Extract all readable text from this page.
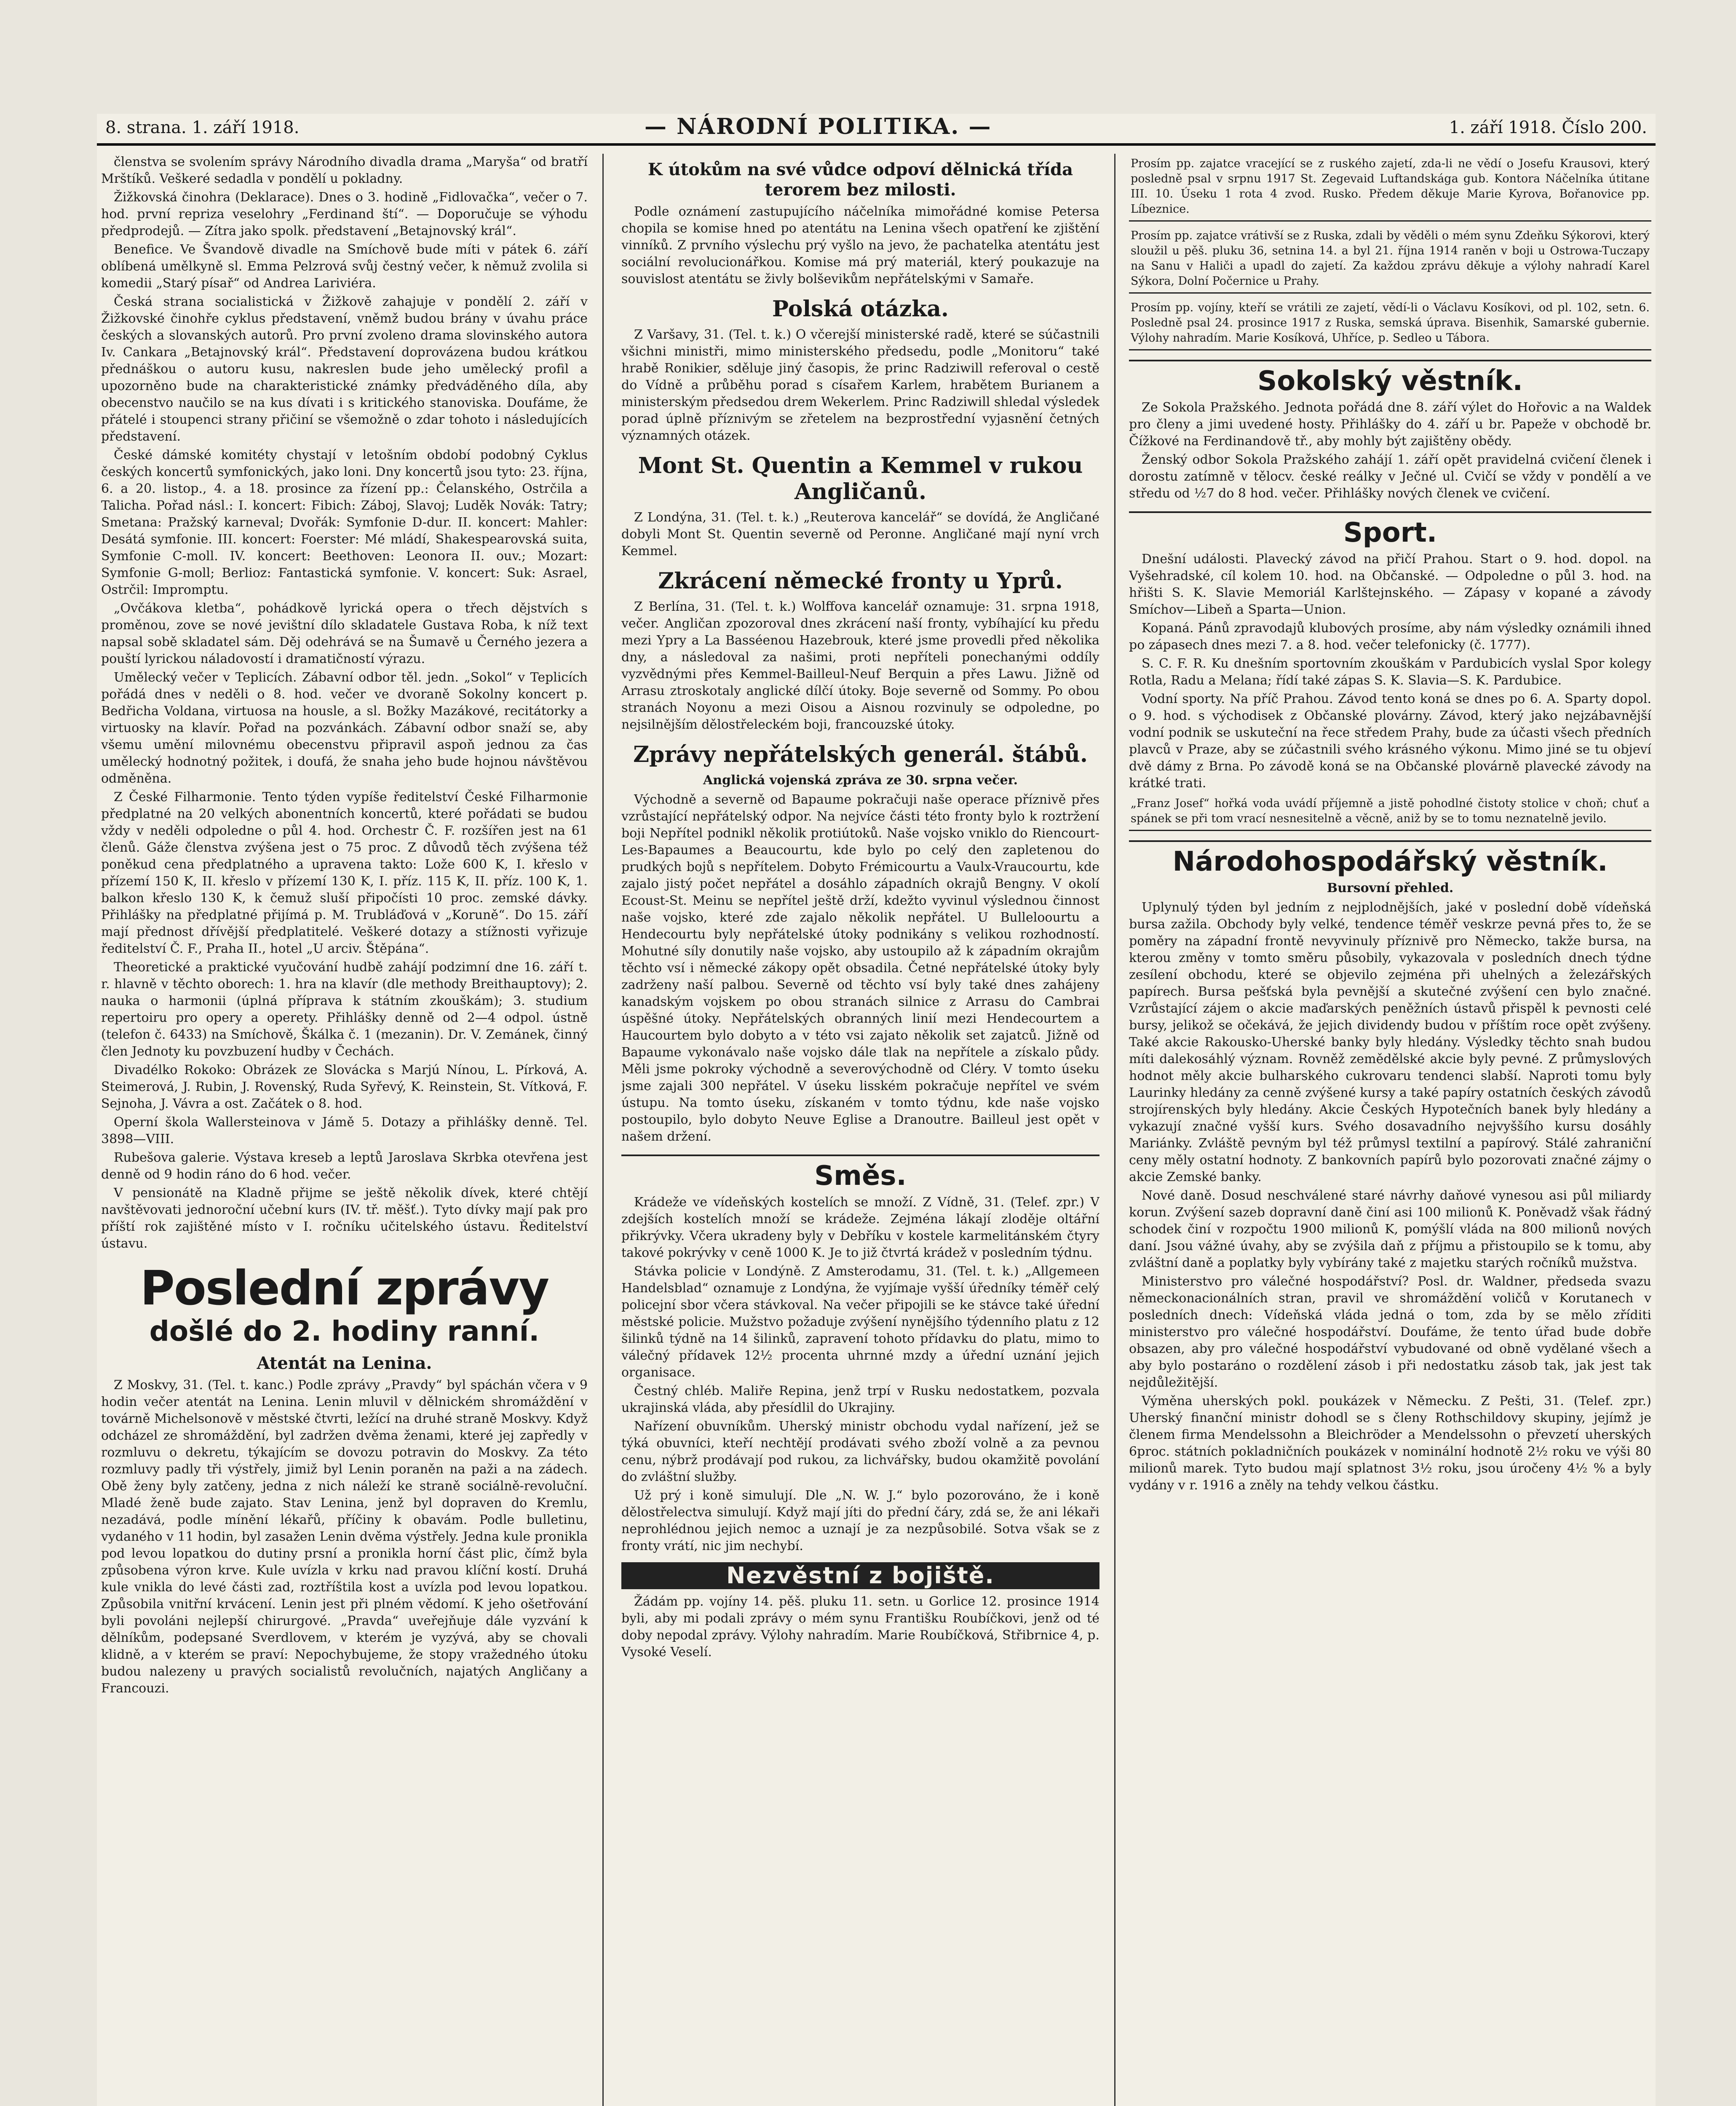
8. strana. 1. září 1918.	— NÁRODNÍ POLITIKA. —	1. září 1918. Číslo 200.

členstva se svolením správy Národního divadla drama „Maryša“ od bratří Mrštíků. Veškeré sedadla v pondělí u pokladny.

Žižkovská činohra (Deklarace). Dnes o 3. hodině „Fidlovačka“, večer o 7. hod. první repriza veselohry „Ferdinand ští“. — Doporučuje se výhodu předprodejů. — Zítra jako spolk. představení „Betajnovský král“.

Benefice. Ve Švandově divadle na Smíchově bude míti v pátek 6. září oblíbená umělkyně sl. Emma Pelzrová svůj čestný večer, k němuž zvolila si komedii „Starý písař“ od Andrea Lariviéra.

Česká strana socialistická v Žižkově zahajuje v pondělí 2. září v Žižkovské činohře cyklus představení, vněmž budou brány v úvahu práce českých a slovanských autorů. Pro první zvoleno drama slovinského autora Iv. Cankara „Betajnovský král“. Představení doprovázena budou krátkou přednáškou o autoru kusu, nakreslen bude jeho umělecký profil a upozorněno bude na charakteristické známky předváděného díla, aby obecenstvo naučilo se na kus dívati i s kritického stanoviska. Doufáme, že přátelé i stoupenci strany přičiní se všemožně o zdar tohoto i následujících představení.

České dámské komitéty chystají v letošním období podobný Cyklus českých koncertů symfonických, jako loni. Dny koncertů jsou tyto: 23. října, 6. a 20. listop., 4. a 18. prosince za řízení pp.: Čelanského, Ostrčila a Talicha. Pořad násl.: I. koncert: Fibich: Záboj, Slavoj; Luděk Novák: Tatry; Smetana: Pražský karneval; Dvořák: Symfonie D-dur. II. koncert: Mahler: Desátá symfonie. III. koncert: Foerster: Mé mládí, Shakespearovská suita, Symfonie C-moll. IV. koncert: Beethoven: Leonora II. ouv.; Mozart: Symfonie G-moll; Berlioz: Fantastická symfonie. V. koncert: Suk: Asrael, Ostrčil: Impromptu.

„Ovčákova kletba“, pohádkově lyrická opera o třech dějstvích s proměnou, zove se nové jevištní dílo skladatele Gustava Roba, k níž text napsal sobě skladatel sám. Děj odehrává se na Šumavě u Černého jezera a pouští lyrickou náladovostí i dramatičností výrazu.

Umělecký večer v Teplicích. Zábavní odbor těl. jedn. „Sokol“ v Teplicích pořádá dnes v neděli o 8. hod. večer ve dvoraně Sokolny koncert p. Bedřicha Voldana, virtuosa na housle, a sl. Božky Mazákové, recitátorky a virtuosky na klavír. Pořad na pozvánkách. Zábavní odbor snaží se, aby všemu umění milovnému obecenstvu připravil aspoň jednou za čas umělecký hodnotný požitek, i doufá, že snaha jeho bude hojnou návštěvou odměněna.

Z České Filharmonie. Tento týden vypíše ředitelství České Filharmonie předplatné na 20 velkých abonentních koncertů, které pořádati se budou vždy v neděli odpoledne o půl 4. hod. Orchestr Č. F. rozšířen jest na 61 členů. Gáže členstva zvýšena jest o 75 proc. Z důvodů těch zvýšena též poněkud cena předplatného a upravena takto: Lože 600 K, I. křeslo v přízemí 150 K, II. křeslo v přízemí 130 K, I. příz. 115 K, II. příz. 100 K, 1. balkon křeslo 130 K, k čemuž sluší připočísti 10 proc. zemské dávky. Přihlášky na předplatné přijímá p. M. Trubláďová v „Koruně“. Do 15. září mají přednost dřívější předplatitelé. Veškeré dotazy a stížnosti vyřizuje ředitelství Č. F., Praha II., hotel „U arciv. Štěpána“.

Theoretické a praktické vyučování hudbě zahájí podzimní dne 16. září t. r. hlavně v těchto oborech: 1. hra na klavír (dle methody Breithauptovy); 2. nauka o harmonii (úplná příprava k státním zkouškám); 3. studium repertoiru pro opery a operety. Přihlášky denně od 2—4 odpol. ústně (telefon č. 6433) na Smíchově, Škálka č. 1 (mezanin). Dr. V. Zemánek, činný člen Jednoty ku povzbuzení hudby v Čechách.

Divadélko Rokoko: Obrázek ze Slovácka s Marjú Nínou, L. Pírková, A. Steimerová, J. Rubin, J. Rovenský, Ruda Syřevý, K. Reinstein, St. Vítková, F. Sejnoha, J. Vávra a ost. Začátek o 8. hod.

Operní škola Wallersteinova v Jámě 5. Dotazy a přihlášky denně. Tel. 3898—VIII.

Rubešova galerie. Výstava kreseb a leptů Jaroslava Skrbka otevřena jest denně od 9 hodin ráno do 6 hod. večer.

V pensionátě na Kladně přijme se ještě několik dívek, které chtějí navštěvovati jednoroční učební kurs (IV. tř. měšť.). Tyto dívky mají pak pro příští rok zajištěné místo v I. ročníku učitelského ústavu. Ředitelství ústavu.

Poslední zprávy
došlé do 2. hodiny ranní.
Atentát na Lenina.

Z Moskvy, 31. (Tel. t. kanc.) Podle zprávy „Pravdy“ byl spáchán včera v 9 hodin večer atentát na Lenina. Lenin mluvil v dělnickém shromáždění v továrně Michelsonově v městské čtvrti, ležící na druhé straně Moskvy. Když odcházel ze shromáždění, byl zadržen dvěma ženami, které jej zapředly v rozmluvu o dekretu, týkajícím se dovozu potravin do Moskvy. Za této rozmluvy padly tři výstřely, jimiž byl Lenin poraněn na paži a na zádech. Obě ženy byly zatčeny, jedna z nich náleží ke straně sociálně-revoluční. Mladé ženě bude zajato. Stav Lenina, jenž byl dopraven do Kremlu, nezadává, podle mínění lékařů, příčiny k obavám. Podle bulletinu, vydaného v 11 hodin, byl zasažen Lenin dvěma výstřely. Jedna kule pronikla pod levou lopatkou do dutiny prsní a pronikla horní část plic, čímž byla způsobena výron krve. Kule uvízla v krku nad pravou klíční kostí. Druhá kule vnikla do levé části zad, roztříštila kost a uvízla pod levou lopatkou. Způsobila vnitřní krvácení. Lenin jest při plném vědomí. K jeho ošetřování byli povoláni nejlepší chirurgové. „Pravda“ uveřejňuje dále vyzvání k dělníkům, podepsané Sverdlovem, v kterém je vyzývá, aby se chovali klidně, a v kterém se praví: Nepochybujeme, že stopy vražedného útoku budou nalezeny u pravých socialistů revolučních, najatých Angličany a Francouzi.

K útokům na své vůdce odpoví dělnická třída terorem bez milosti.

Podle oznámení zastupujícího náčelníka mimořádné komise Petersa chopila se komise hned po atentátu na Lenina všech opatření ke zjištění vinníků. Z prvního výslechu prý vyšlo na jevo, že pachatelka atentátu jest sociální revolucionářkou. Komise má prý materiál, který poukazuje na souvislost atentátu se živly bolševikům nepřátelskými v Samaře.

Polská otázka.

Z Varšavy, 31. (Tel. t. k.) O včerejší ministerské radě, které se súčastnili všichni ministři, mimo ministerského předsedu, podle „Monitoru“ také hrabě Ronikier, sděluje jiný časopis, že princ Radziwill referoval o cestě do Vídně a průběhu porad s císařem Karlem, hrabětem Burianem a ministerským předsedou drem Wekerlem. Princ Radziwill shledal výsledek porad úplně příznivým se zřetelem na bezprostřední vyjasnění četných významných otázek.

Mont St. Quentin a Kemmel v rukou Angličanů.

Z Londýna, 31. (Tel. t. k.) „Reuterova kancelář“ se dovídá, že Angličané dobyli Mont St. Quentin severně od Peronne. Angličané mají nyní vrch Kemmel.

Zkrácení německé fronty u Yprů.

Z Berlína, 31. (Tel. t. k.) Wolffova kancelář oznamuje: 31. srpna 1918, večer. Angličan zpozoroval dnes zkrácení naší fronty, vybíhající ku předu mezi Ypry a La Basséenou Hazebrouk, které jsme provedli před několika dny, a následoval za našimi, proti nepříteli ponechanými oddíly vyzvědnými přes Kemmel-Bailleul-Neuf Berquin a přes Lawu. Jižně od Arrasu ztroskotaly anglické dílčí útoky. Boje severně od Sommy. Po obou stranách Noyonu a mezi Oisou a Aisnou rozvinuly se odpoledne, po nejsilnějším dělostřeleckém boji, francouzské útoky.

Zprávy nepřátelských generál. štábů.
Anglická vojenská zpráva ze 30. srpna večer.

Východně a severně od Bapaume pokračuji naše operace příznivě přes vzrůstající nepřátelský odpor. Na nejvíce části této fronty bylo k roztržení boji Nepřítel podnikl několik protiútoků. Naše vojsko vniklo do Riencourt-Les-Bapaumes a Beaucourtu, kde bylo po celý den zapletenou do prudkých bojů s nepřítelem. Dobyto Frémicourtu a Vaulx-Vraucourtu, kde zajalo jistý počet nepřátel a dosáhlo západních okrajů Bengny. V okolí Ecoust-St. Meinu se nepřítel ještě drží, kdežto vyvinul výslednou činnost naše vojsko, které zde zajalo několik nepřátel. U Bulleloourtu a Hendecourtu byly nepřátelské útoky podnikány s velikou rozhodností. Mohutné síly donutily naše vojsko, aby ustoupilo až k západním okrajům těchto vsí i německé zákopy opět obsadila. Četné nepřátelské útoky byly zadrženy naší palbou. Severně od těchto vsí byly také dnes zahájeny kanadským vojskem po obou stranách silnice z Arrasu do Cambrai úspěšné útoky. Nepřátelských obranných linií mezi Hendecourtem a Haucourtem bylo dobyto a v této vsi zajato několik set zajatců. Jižně od Bapaume vykonávalo naše vojsko dále tlak na nepřítele a získalo půdy. Měli jsme pokroky východně a severovýchodně od Cléry. V tomto úseku jsme zajali 300 nepřátel. V úseku lisském pokračuje nepřítel ve svém ústupu. Na tomto úseku, získaném v tomto týdnu, kde naše vojsko postoupilo, bylo dobyto Neuve Eglise a Dranoutre. Bailleul jest opět v našem držení.

Směs.

Krádeže ve vídeňských kostelích se množí. Z Vídně, 31. (Telef. zpr.) V zdejších kostelích množí se krádeže. Zejména lákají zloděje oltářní přikrývky. Včera ukradeny byly v Debříku v kostele karmelitánském čtyry takové pokrývky v ceně 1000 K. Je to již čtvrtá krádež v posledním týdnu.

Stávka policie v Londýně. Z Amsterodamu, 31. (Tel. t. k.) „Allgemeen Handelsblad“ oznamuje z Londýna, že vyjímaje vyšší úředníky téměř celý policejní sbor včera stávkoval. Na večer připojili se ke stávce také úřední městské policie. Mužstvo požaduje zvýšení nynějšího týdenního platu z 12 šilinků týdně na 14 šilinků, zapravení tohoto přídavku do platu, mimo to válečný přídavek 12½ procenta uhrnné mzdy a úřední uznání jejich organisace.

Čestný chléb. Maliře Repina, jenž trpí v Rusku nedostatkem, pozvala ukrajinská vláda, aby přesídlil do Ukrajiny.

Nařízení obuvníkům. Uherský ministr obchodu vydal nařízení, jež se týká obuvníci, kteří nechtějí prodávati svého zboží volně a za pevnou cenu, nýbrž prodávají pod rukou, za lichvářsky, budou okamžitě povolání do zvláštní služby.

Už prý i koně simulují. Dle „N. W. J.“ bylo pozorováno, že i koně dělostřelectva simulují. Když mají jíti do přední čáry, zdá se, že ani lékaři neprohlédnou jejich nemoc a uznají je za nezpůsobilé. Sotva však se z fronty vrátí, nic jim nechybí.

Nezvěstní z bojiště.

Žádám pp. vojíny 14. pěš. pluku 11. setn. u Gorlice 12. prosince 1914 byli, aby mi podali zprávy o mém synu Františku Roubíčkovi, jenž od té doby nepodal zprávy. Výlohy nahradím. Marie Roubíčková, Střibrnice 4, p. Vysoké Veselí.

Prosím pp. zajatce vracející se z ruského zajetí, zda-li ne vědí o Josefu Krausovi, který posledně psal v srpnu 1917 St. Zegevaid Luftandskága gub. Kontora Náčelníka útitane III. 10. Úseku 1 rota 4 zvod. Rusko. Předem děkuje Marie Kyrova, Bořanovice pp. Líbeznice.
Prosím pp. zajatce vrátivší se z Ruska, zdali by věděli o mém synu Zdeňku Sýkorovi, který sloužil u pěš. pluku 36, setnina 14. a byl 21. října 1914 raněn v boji u Ostrowa-Tuczapy na Sanu v Haliči a upadl do zajetí. Za každou zprávu děkuje a výlohy nahradí Karel Sýkora, Dolní Počernice u Prahy.
Prosím pp. vojíny, kteří se vrátili ze zajetí, vědí-li o Václavu Kosíkovi, od pl. 102, setn. 6. Posledně psal 24. prosince 1917 z Ruska, semská úprava. Bisenhik, Samarské gubernie. Výlohy nahradím. Marie Kosíková, Uhříce, p. Sedleo u Tábora.
Sokolský věstník.

Ze Sokola Pražského. Jednota pořádá dne 8. září výlet do Hořovic a na Waldek pro členy a jimi uvedené hosty. Přihlášky do 4. září u br. Papeže v obchodě br. Čížkové na Ferdinandově tř., aby mohly být zajištěny obědy.

Ženský odbor Sokola Pražského zahájí 1. září opět pravidelná cvičení členek i dorostu zatímně v tělocv. české reálky v Ječné ul. Cvičí se vždy v pondělí a ve středu od ½7 do 8 hod. večer. Přihlášky nových členek ve cvičení.

Sport.

Dnešní události. Plavecký závod na přičí Prahou. Start o 9. hod. dopol. na Vyšehradské, cíl kolem 10. hod. na Občanské. — Odpoledne o půl 3. hod. na hřišti S. K. Slavie Memoriál Karlštejnského. — Zápasy v kopané a závody Smíchov—Libeň a Sparta—Union.

Kopaná. Pánů zpravodajů klubových prosíme, aby nám výsledky oznámili ihned po zápasech dnes mezi 7. a 8. hod. večer telefonicky (č. 1777).

S. C. F. R. Ku dnešním sportovním zkouškám v Pardubicích vyslal Spor kolegy Rotla, Radu a Melana; řídí také zápas S. K. Slavia—S. K. Pardubice.

Vodní sporty. Na příč Prahou. Závod tento koná se dnes po 6. A. Sparty dopol. o 9. hod. s východisek z Občanské plovárny. Závod, který jako nejzábavnější vodní podnik se uskuteční na řece středem Prahy, bude za účasti všech předních plavců v Praze, aby se zúčastnili svého krásného výkonu. Mimo jiné se tu objeví dvě dámy z Brna. Po závodě koná se na Občanské plovárně plavecké závody na krátké trati.

„Franz Josef“ hořká voda uvádí příjemně a jistě pohodlné čistoty stolice v choň; chuť a spánek se při tom vrací nesnesitelně a věcně, aniž by se to tomu neznatelně jevilo.
Národohospodářský věstník.
Bursovní přehled.

Uplynulý týden byl jedním z nejplodnějších, jaké v poslední době vídeňská bursa zažila. Obchody byly velké, tendence téměř veskrze pevná přes to, že se poměry na západní frontě nevyvinuly příznivě pro Německo, takže bursa, na kterou změny v tomto směru působily, vykazovala v posledních dnech týdne zesílení obchodu, které se objevilo zejména při uhelných a železářských papírech. Bursa pešťská byla pevnější a skutečné zvýšení cen bylo značné. Vzrůstající zájem o akcie maďarských peněžních ústavů přispěl k pevnosti celé bursy, jelikož se očekává, že jejich dividendy budou v příštím roce opět zvýšeny. Také akcie Rakousko-Uherské banky byly hledány. Výsledky těchto snah budou míti dalekosáhlý význam. Rovněž zemědělské akcie byly pevné. Z průmyslových hodnot měly akcie bulharského cukrovaru tendenci slabší. Naproti tomu byly Laurinky hledány za cenně zvýšené kursy a také papíry ostatních českých závodů strojírenských byly hledány. Akcie Českých Hypotečních banek byly hledány a vykazují značné vyšší kurs. Svého dosavadního nejvyššího kursu dosáhly Mariánky. Zvláště pevným byl též průmysl textilní a papírový. Stálé zahraniční ceny měly ostatní hodnoty. Z bankovních papírů bylo pozorovati značné zájmy o akcie Zemské banky.

Nové daně. Dosud neschválené staré návrhy daňové vynesou asi půl miliardy korun. Zvýšení sazeb dopravní daně činí asi 100 milionů K. Poněvadž však řádný schodek činí v rozpočtu 1900 milionů K, pomýšlí vláda na 800 milionů nových daní. Jsou vážné úvahy, aby se zvýšila daň z příjmu a přistoupilo se k tomu, aby zvláštní daně a poplatky byly vybírány také z majetku starých ročníků mužstva.

Ministerstvo pro válečné hospodářství? Posl. dr. Waldner, předseda svazu německonacionálních stran, pravil ve shromáždění voličů v Korutanech v posledních dnech: Vídeňská vláda jedná o tom, zda by se mělo zříditi ministerstvo pro válečné hospodářství. Doufáme, že tento úřad bude dobře obsazen, aby pro válečné hospodářství vybudované od obně vydělané všech a aby bylo postaráno o rozdělení zásob i při nedostatku zásob tak, jak jest tak nejdůležitější.

Výměna uherských pokl. poukázek v Německu. Z Pešti, 31. (Telef. zpr.) Uherský finanční ministr dohodl se s členy Rothschildovy skupiny, jejímž je členem firma Mendelssohn a Bleichröder a Mendelssohn o převzetí uherských 6proc. státních pokladničních poukázek v nominální hodnotě 2½ roku ve výši 80 milionů marek. Tyto budou mají splatnost 3½ roku, jsou úročeny 4½ % a byly vydány v r. 1916 a zněly na tehdy velkou částku.
